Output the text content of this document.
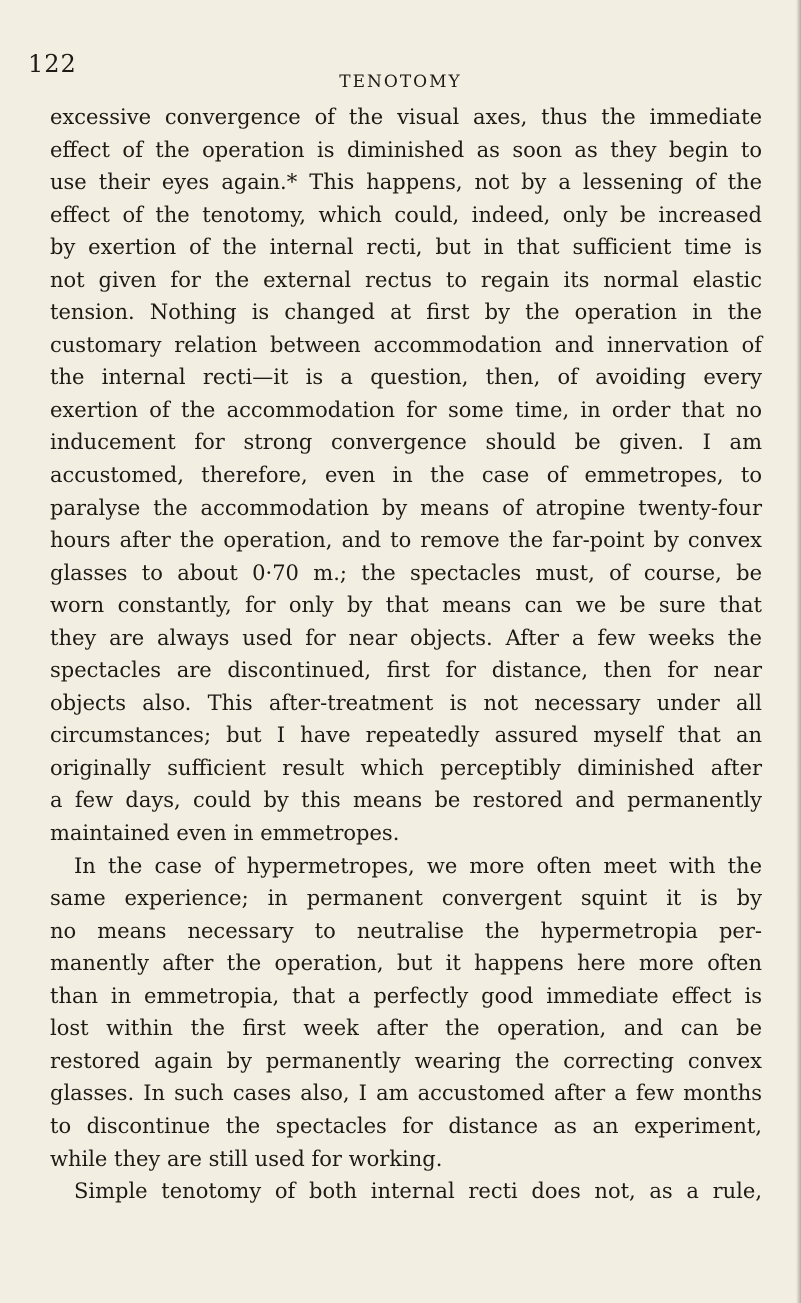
122
TENOTOMY
excessive convergence of the visual axes, thus the immediate
effect of the operation is diminished as soon as they begin to
use their eyes again.* This happens, not by a lessening of the
effect of the tenotomy, which could, indeed, only be increased
by exertion of the internal recti, but in that sufficient time is
not given for the external rectus to regain its normal elastic
tension. Nothing is changed at first by the operation in the
customary relation between accommodation and innervation of
the internal recti—it is a question, then, of avoiding every
exertion of the accommodation for some time, in order that no
inducement for strong convergence should be given. I am
accustomed, therefore, even in the case of emmetropes, to
paralyse the accommodation by means of atropine twenty-four
hours after the operation, and to remove the far-point by convex
glasses to about 0·70 m.; the spectacles must, of course, be
worn constantly, for only by that means can we be sure that
they are always used for near objects. After a few weeks the
spectacles are discontinued, first for distance, then for near
objects also. This after-treatment is not necessary under all
circumstances; but I have repeatedly assured myself that an
originally sufficient result which perceptibly diminished after
a few days, could by this means be restored and permanently
maintained even in emmetropes.
In the case of hypermetropes, we more often meet with the
same experience; in permanent convergent squint it is by
no means necessary to neutralise the hypermetropia per-
manently after the operation, but it happens here more often
than in emmetropia, that a perfectly good immediate effect is
lost within the first week after the operation, and can be
restored again by permanently wearing the correcting convex
glasses. In such cases also, I am accustomed after a few months
to discontinue the spectacles for distance as an experiment,
while they are still used for working.
Simple tenotomy of both internal recti does not, as a rule,
